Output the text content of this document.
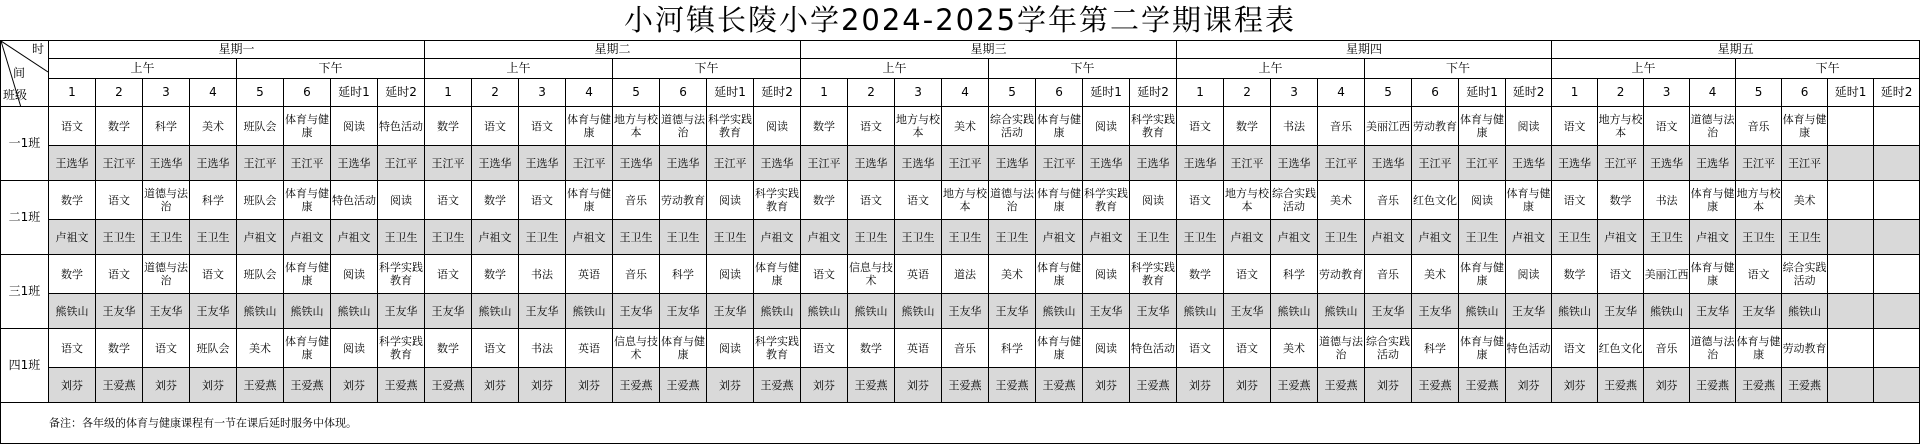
小河镇长陵小学2024-2025学年第二学期课程表
时
间
班级	星期一								星期二								星期三								星期四								星期五							
	上午				下午				上午				下午				上午				下午				上午				下午				上午				下午			
	1	2	3	4	5	6	延时1	延时2	1	2	3	4	5	6	延时1	延时2	1	2	3	4	5	6	延时1	延时2	1	2	3	4	5	6	延时1	延时2	1	2	3	4	5	6	延时1	延时2
一1班	语文	数学	科学	美术	班队会	体育与健康	阅读	特色活动	数学	语文	语文	体育与健康	地方与校本	道德与法治	科学实践教育	阅读	数学	语文	地方与校本	美术	综合实践活动	体育与健康	阅读	科学实践教育	语文	数学	书法	音乐	美丽江西	劳动教育	体育与健康	阅读	语文	地方与校本	语文	道德与法治	音乐	体育与健康		
	王选华	王江平	王选华	王选华	王江平	王江平	王选华	王江平	王江平	王选华	王选华	王江平	王选华	王选华	王江平	王选华	王江平	王选华	王选华	王江平	王选华	王江平	王选华	王选华	王选华	王江平	王选华	王江平	王选华	王江平	王江平	王选华	王选华	王江平	王选华	王选华	王江平	王江平		
二1班	数学	语文	道德与法治	科学	班队会	体育与健康	特色活动	阅读	语文	数学	语文	体育与健康	音乐	劳动教育	阅读	科学实践教育	数学	语文	语文	地方与校本	道德与法治	体育与健康	科学实践教育	阅读	语文	地方与校本	综合实践活动	美术	音乐	红色文化	阅读	体育与健康	语文	数学	书法	体育与健康	地方与校本	美术		
	卢祖文	王卫生	王卫生	王卫生	卢祖文	卢祖文	卢祖文	王卫生	王卫生	卢祖文	王卫生	卢祖文	王卫生	王卫生	王卫生	卢祖文	卢祖文	王卫生	王卫生	王卫生	王卫生	卢祖文	卢祖文	王卫生	王卫生	卢祖文	卢祖文	王卫生	卢祖文	卢祖文	王卫生	卢祖文	王卫生	卢祖文	王卫生	卢祖文	王卫生	王卫生		
三1班	数学	语文	道德与法治	语文	班队会	体育与健康	阅读	科学实践教育	语文	数学	书法	英语	音乐	科学	阅读	体育与健康	语文	信息与技术	英语	道法	美术	体育与健康	阅读	科学实践教育	数学	语文	科学	劳动教育	音乐	美术	体育与健康	阅读	数学	语文	美丽江西	体育与健康	语文	综合实践活动		
	熊铁山	王友华	王友华	王友华	熊铁山	熊铁山	熊铁山	王友华	王友华	熊铁山	王友华	熊铁山	王友华	王友华	王友华	熊铁山	熊铁山	熊铁山	熊铁山	王友华	王友华	熊铁山	王友华	王友华	熊铁山	王友华	熊铁山	熊铁山	王友华	王友华	熊铁山	王友华	熊铁山	王友华	熊铁山	王友华	王友华	熊铁山		
四1班	语文	数学	语文	班队会	美术	体育与健康	阅读	科学实践教育	数学	语文	书法	英语	信息与技术	体育与健康	阅读	科学实践教育	语文	数学	英语	音乐	科学	体育与健康	阅读	特色活动	语文	语文	美术	道德与法治	综合实践活动	科学	体育与健康	特色活动	语文	红色文化	音乐	道德与法治	体育与健康	劳动教育		
	刘芬	王爱燕	刘芬	刘芬	王爱燕	王爱燕	刘芬	王爱燕	王爱燕	刘芬	刘芬	刘芬	王爱燕	王爱燕	刘芬	王爱燕	刘芬	王爱燕	刘芬	王爱燕	王爱燕	王爱燕	刘芬	王爱燕	刘芬	刘芬	王爱燕	王爱燕	刘芬	王爱燕	王爱燕	刘芬	刘芬	王爱燕	刘芬	王爱燕	王爱燕	王爱燕		
备注：各年级的体育与健康课程有一节在课后延时服务中体现。																																								
